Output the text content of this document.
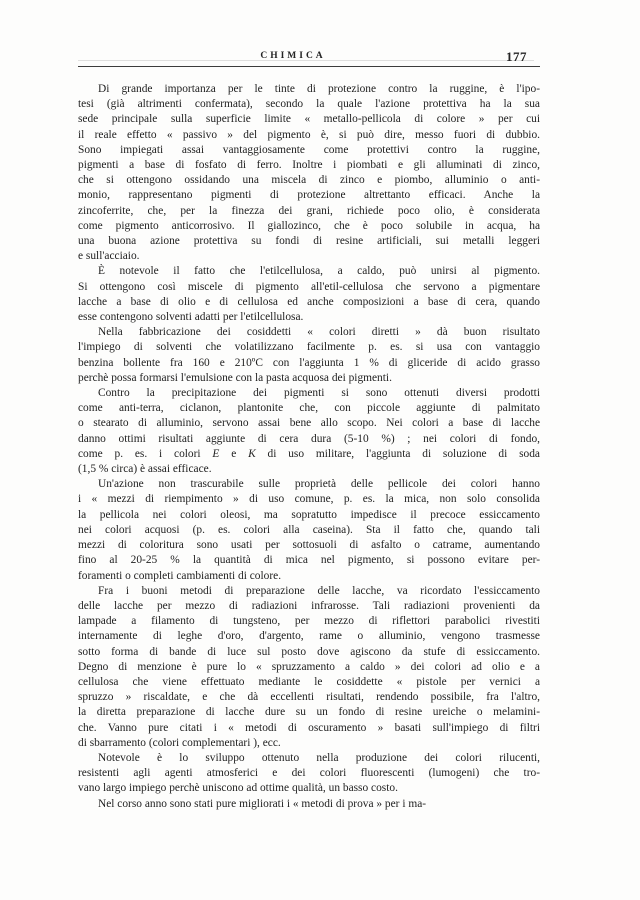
CHIMICA	177
Di grande importanza per le tinte di protezione contro la ruggine, è l'ipo-
tesi (già altrimenti confermata), secondo la quale l'azione protettiva ha la sua
sede principale sulla superficie limite « metallo-pellicola di colore » per cui
il reale effetto « passivo » del pigmento è, si può dire, messo fuori di dubbio.
Sono impiegati assai vantaggiosamente come protettivi contro la ruggine,
pigmenti a base di fosfato di ferro. Inoltre i piombati e gli alluminati di zinco,
che si ottengono ossidando una miscela di zinco e piombo, alluminio o anti-
monio, rappresentano pigmenti di protezione altrettanto efficaci. Anche la
zincoferrite, che, per la finezza dei grani, richiede poco olio, è considerata
come pigmento anticorrosivo. Il giallozinco, che è poco solubile in acqua, ha
una buona azione protettiva su fondi di resine artificiali, sui metalli leggeri
e sull'acciaio.
È notevole il fatto che l'etilcellulosa, a caldo, può unirsi al pigmento.
Si ottengono così miscele di pigmento all'etil-cellulosa che servono a pigmentare
lacche a base di olio e di cellulosa ed anche composizioni a base di cera, quando
esse contengono solventi adatti per l'etilcellulosa.
Nella fabbricazione dei cosiddetti « colori diretti » dà buon risultato
l'impiego di solventi che volatilizzano facilmente p. es. si usa con vantaggio
benzina bollente fra 160 e 210ºC con l'aggiunta 1 % di gliceride di acido grasso
perchè possa formarsi l'emulsione con la pasta acquosa dei pigmenti.
Contro la precipitazione dei pigmenti si sono ottenuti diversi prodotti
come anti-terra, ciclanon, plantonite che, con piccole aggiunte di palmitato
o stearato di alluminio, servono assai bene allo scopo. Nei colori a base di lacche
danno ottimi risultati aggiunte di cera dura (5-10 %) ; nei colori di fondo,
come p. es. i colori E e K di uso militare, l'aggiunta di soluzione di soda
(1,5 % circa) è assai efficace.
Un'azione non trascurabile sulle proprietà delle pellicole dei colori hanno
i « mezzi di riempimento » di uso comune, p. es. la mica, non solo consolida
la pellicola nei colori oleosi, ma sopratutto impedisce il precoce essiccamento
nei colori acquosi (p. es. colori alla caseina). Sta il fatto che, quando tali
mezzi di coloritura sono usati per sottosuoli di asfalto o catrame, aumentando
fino al 20-25 % la quantità di mica nel pigmento, si possono evitare per-
foramenti o completi cambiamenti di colore.
Fra i buoni metodi di preparazione delle lacche, va ricordato l'essiccamento
delle lacche per mezzo di radiazioni infrarosse. Tali radiazioni provenienti da
lampade a filamento di tungsteno, per mezzo di riflettori parabolici rivestiti
internamente di leghe d'oro, d'argento, rame o alluminio, vengono trasmesse
sotto forma di bande di luce sul posto dove agiscono da stufe di essiccamento.
Degno di menzione è pure lo « spruzzamento a caldo » dei colori ad olio e a
cellulosa che viene effettuato mediante le cosiddette « pistole per vernici a
spruzzo » riscaldate, e che dà eccellenti risultati, rendendo possibile, fra l'altro,
la diretta preparazione di lacche dure su un fondo di resine ureiche o melamini-
che. Vanno pure citati i « metodi di oscuramento » basati sull'impiego di filtri
di sbarramento (colori complementari ), ecc.
Notevole è lo sviluppo ottenuto nella produzione dei colori rilucenti,
resistenti agli agenti atmosferici e dei colori fluorescenti (lumogeni) che tro-
vano largo impiego perchè uniscono ad ottime qualità, un basso costo.
Nel corso anno sono stati pure migliorati i « metodi di prova » per i ma-
